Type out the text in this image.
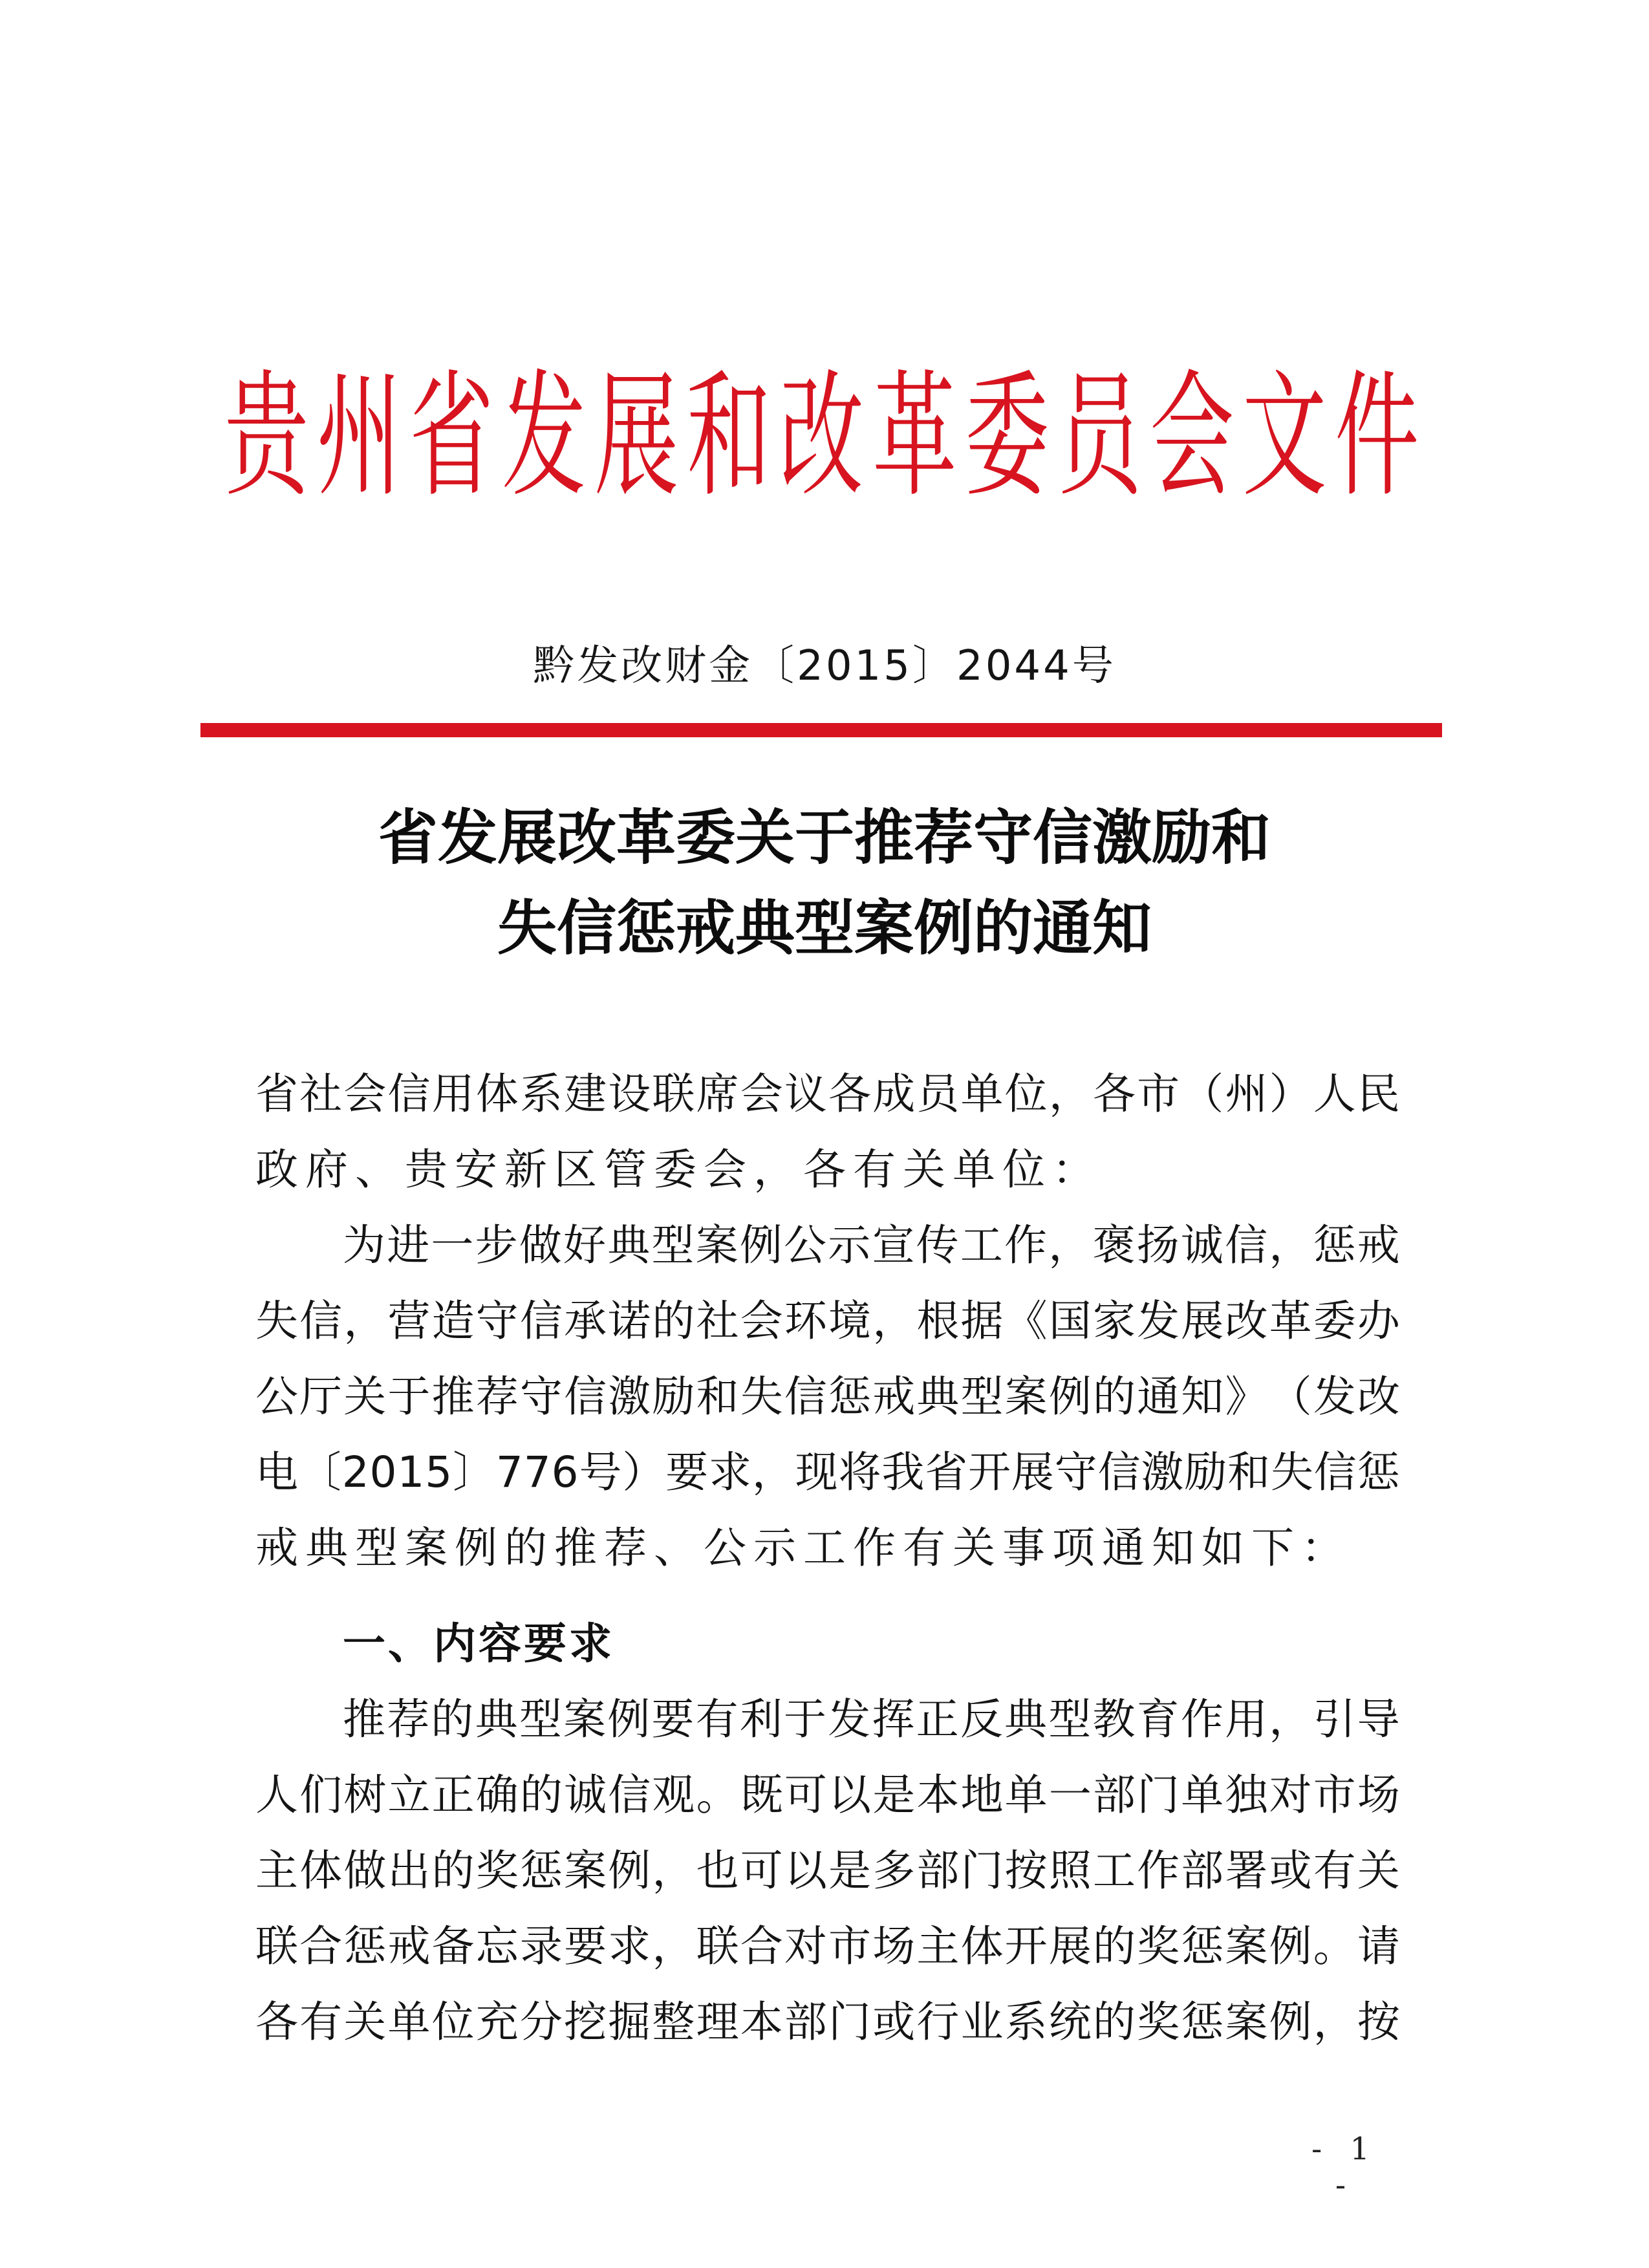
贵 州 省 发 展 和 改 革 委 员 会 文 件
黔发改财金〔2015〕2044号
省发展改革委关于推荐守信激励和
失信惩戒典型案例的通知
省 社 会 信 用 体 系 建 设 联 席 会 议 各 成 员 单 位 ， 各 市 （ 州 ） 人 民
政府、贵安新区管委会，各有关单位：
为 进 一 步 做 好 典 型 案 例 公 示 宣 传 工 作 ， 褒 扬 诚 信 ， 惩 戒
失 信 ， 营 造 守 信 承 诺 的 社 会 环 境 ， 根 据 《 国 家 发 展 改 革 委 办
公 厅 关 于 推 荐 守 信 激 励 和 失 信 惩 戒 典 型 案 例 的 通 知 》 （ 发 改
电 〔 2 0 1 5 〕 7 7 6 号 ） 要 求 ， 现 将 我 省 开 展 守 信 激 励 和 失 信 惩
戒典型案例的推荐、公示工作有关事项通知如下：
推 荐 的 典 型 案 例 要 有 利 于 发 挥 正 反 典 型 教 育 作 用 ， 引 导
人 们 树 立 正 确 的 诚 信 观 。 既 可 以 是 本 地 单 一 部 门 单 独 对 市 场
主 体 做 出 的 奖 惩 案 例 ， 也 可 以 是 多 部 门 按 照 工 作 部 署 或 有 关
联 合 惩 戒 备 忘 录 要 求 ， 联 合 对 市 场 主 体 开 展 的 奖 惩 案 例 。 请
各 有 关 单 位 充 分 挖 掘 整 理 本 部 门 或 行 业 系 统 的 奖 惩 案 例 ， 按
一、内容要求
- 1 -
